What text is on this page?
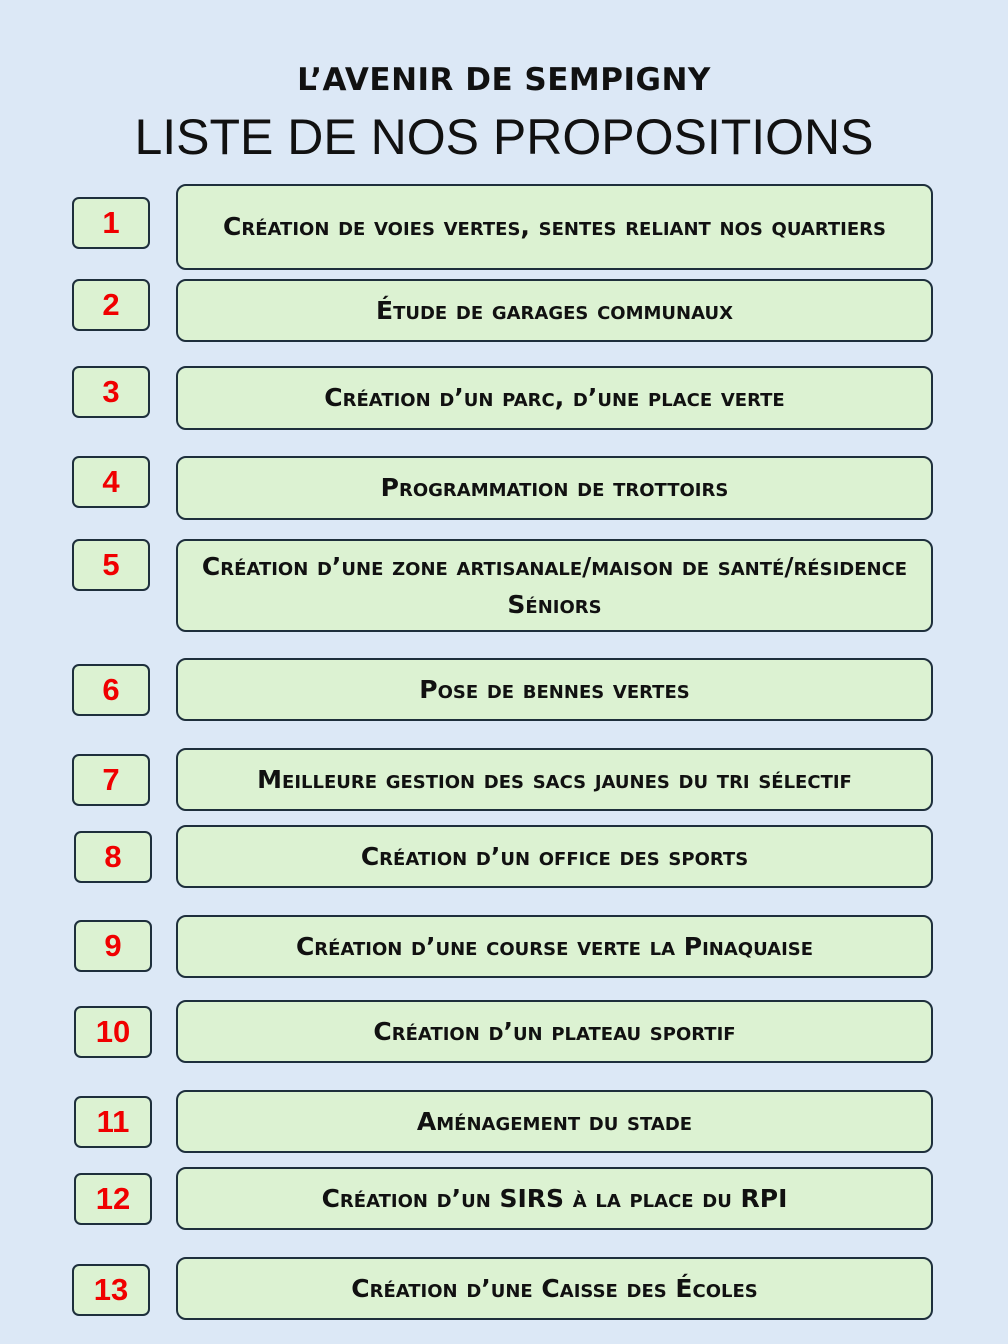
L’AVENIR DE SEMPIGNY
LISTE DE NOS PROPOSITIONS
1	Création de voies vertes, sentes reliant nos quartiers
2	Étude de garages communaux
3	Création d’un parc, d’une place verte
4	Programmation de trottoirs
5	Création d’une zone artisanale/maison de santé/résidence Séniors
6	Pose de bennes vertes
7	Meilleure gestion des sacs jaunes du tri sélectif
8	Création d’un office des sports
9	Création d’une course verte la Pinaquaise
10	Création d’un plateau sportif
11	Aménagement du stade
12	Création d’un SIRS à la place du RPI
13	Création d’une Caisse des Écoles
